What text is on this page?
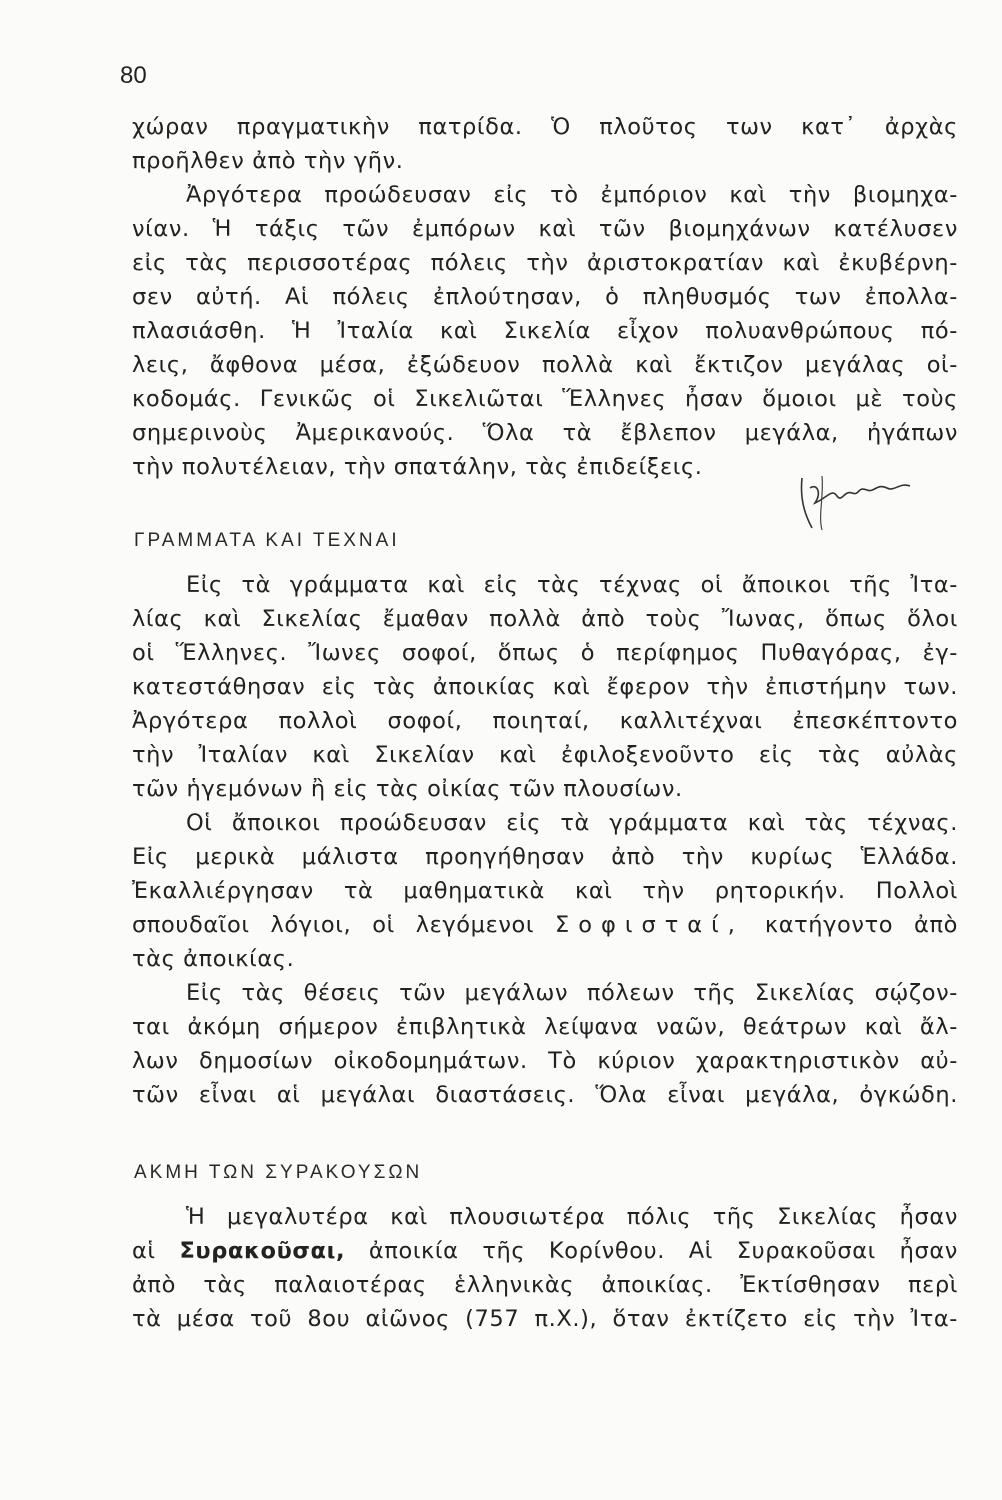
80
χώραν πραγματικὴν πατρίδα. Ὁ πλοῦτος των κατ᾽ ἀρχὰς
προῆλθεν ἀπὸ τὴν γῆν.
Ἀργότερα προώδευσαν εἰς τὸ ἐμπόριον καὶ τὴν βιομηχα-
νίαν. Ἡ τάξις τῶν ἐμπόρων καὶ τῶν βιομηχάνων κατέλυσεν
εἰς τὰς περισσοτέρας πόλεις τὴν ἀριστοκρατίαν καὶ ἐκυβέρνη-
σεν αὐτή. Αἱ πόλεις ἐπλούτησαν, ὁ πληθυσμός των ἐπολλα-
πλασιάσθη. Ἡ Ἰταλία καὶ Σικελία εἶχον πολυανθρώπους πό-
λεις, ἄφθονα μέσα, ἐξώδευον πολλὰ καὶ ἔκτιζον μεγάλας οἰ-
κοδομάς. Γενικῶς οἱ Σικελιῶται Ἕλληνες ἦσαν ὅμοιοι μὲ τοὺς
σημερινοὺς Ἀμερικανούς. Ὅλα τὰ ἔβλεπον μεγάλα, ἠγάπων
τὴν πολυτέλειαν, τὴν σπατάλην, τὰς ἐπιδείξεις.
ΓΡΑΜΜΑΤΑ ΚΑΙ ΤΕΧΝΑΙ
Εἰς τὰ γράμματα καὶ εἰς τὰς τέχνας οἱ ἄποικοι τῆς Ἰτα-
λίας καὶ Σικελίας ἔμαθαν πολλὰ ἀπὸ τοὺς Ἴωνας, ὅπως ὅλοι
οἱ Ἕλληνες. Ἴωνες σοφοί, ὅπως ὁ περίφημος Πυθαγόρας, ἐγ-
κατεστάθησαν εἰς τὰς ἀποικίας καὶ ἔφερον τὴν ἐπιστήμην των.
Ἀργότερα πολλοὶ σοφοί, ποιηταί, καλλιτέχναι ἐπεσκέπτοντο
τὴν Ἰταλίαν καὶ Σικελίαν καὶ ἐφιλοξενοῦντο εἰς τὰς αὐλὰς
τῶν ἡγεμόνων ἢ εἰς τὰς οἰκίας τῶν πλουσίων.
Οἱ ἄποικοι προώδευσαν εἰς τὰ γράμματα καὶ τὰς τέχνας.
Εἰς μερικὰ μάλιστα προηγήθησαν ἀπὸ τὴν κυρίως Ἑλλάδα.
Ἐκαλλιέργησαν τὰ μαθηματικὰ καὶ τὴν ρητορικήν. Πολλοὶ
σπουδαῖοι λόγιοι, οἱ λεγόμενοι Σοφισταί, κατήγοντο ἀπὸ
τὰς ἀποικίας.
Εἰς τὰς θέσεις τῶν μεγάλων πόλεων τῆς Σικελίας σῴζον-
ται ἀκόμη σήμερον ἐπιβλητικὰ λείψανα ναῶν, θεάτρων καὶ ἄλ-
λων δημοσίων οἰκοδομημάτων. Τὸ κύριον χαρακτηριστικὸν αὐ-
τῶν εἶναι αἱ μεγάλαι διαστάσεις. Ὅλα εἶναι μεγάλα, ὀγκώδη.
ΑΚΜΗ ΤΩΝ ΣΥΡΑΚΟΥΣΩΝ
Ἡ μεγαλυτέρα καὶ πλουσιωτέρα πόλις τῆς Σικελίας ἦσαν
αἱ Συρακοῦσαι, ἀποικία τῆς Κορίνθου. Αἱ Συρακοῦσαι ἦσαν
ἀπὸ τὰς παλαιοτέρας ἑλληνικὰς ἀποικίας. Ἐκτίσθησαν περὶ
τὰ μέσα τοῦ 8ου αἰῶνος (757 π.Χ.), ὅταν ἐκτίζετο εἰς τὴν Ἰτα-
